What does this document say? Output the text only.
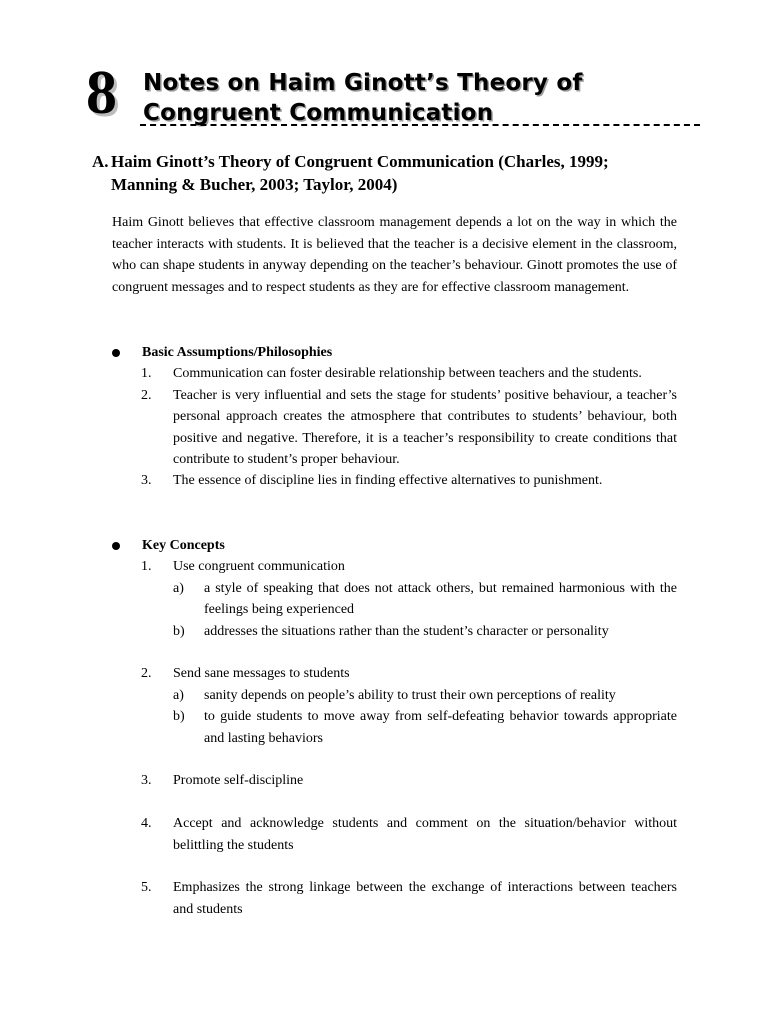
8 Notes on Haim Ginott’s Theory of
Congruent Communication
A. Haim Ginott’s Theory of Congruent Communication (Charles, 1999;
Manning & Bucher, 2003; Taylor, 2004)
Haim Ginott believes that effective classroom management depends a lot on the way in which the teacher interacts with students. It is believed that the teacher is a decisive element in the classroom, who can shape students in anyway depending on the teacher’s behaviour. Ginott promotes the use of congruent messages and to respect students as they are for effective classroom management.
Basic Assumptions/Philosophies
1. Communication can foster desirable relationship between teachers and the students.
2. Teacher is very influential and sets the stage for students’ positive behaviour, a teacher’s personal approach creates the atmosphere that contributes to students’ behaviour, both positive and negative. Therefore, it is a teacher’s responsibility to create conditions that contribute to student’s proper behaviour.
3. The essence of discipline lies in finding effective alternatives to punishment.
Key Concepts
1. Use congruent communication
a) a style of speaking that does not attack others, but remained harmonious with the feelings being experienced
b) addresses the situations rather than the student’s character or personality
2. Send sane messages to students
a) sanity depends on people’s ability to trust their own perceptions of reality
b) to guide students to move away from self-defeating behavior towards appropriate and lasting behaviors
3. Promote self-discipline
4. Accept and acknowledge students and comment on the situation/behavior without belittling the students
5. Emphasizes the strong linkage between the exchange of interactions between teachers and students
